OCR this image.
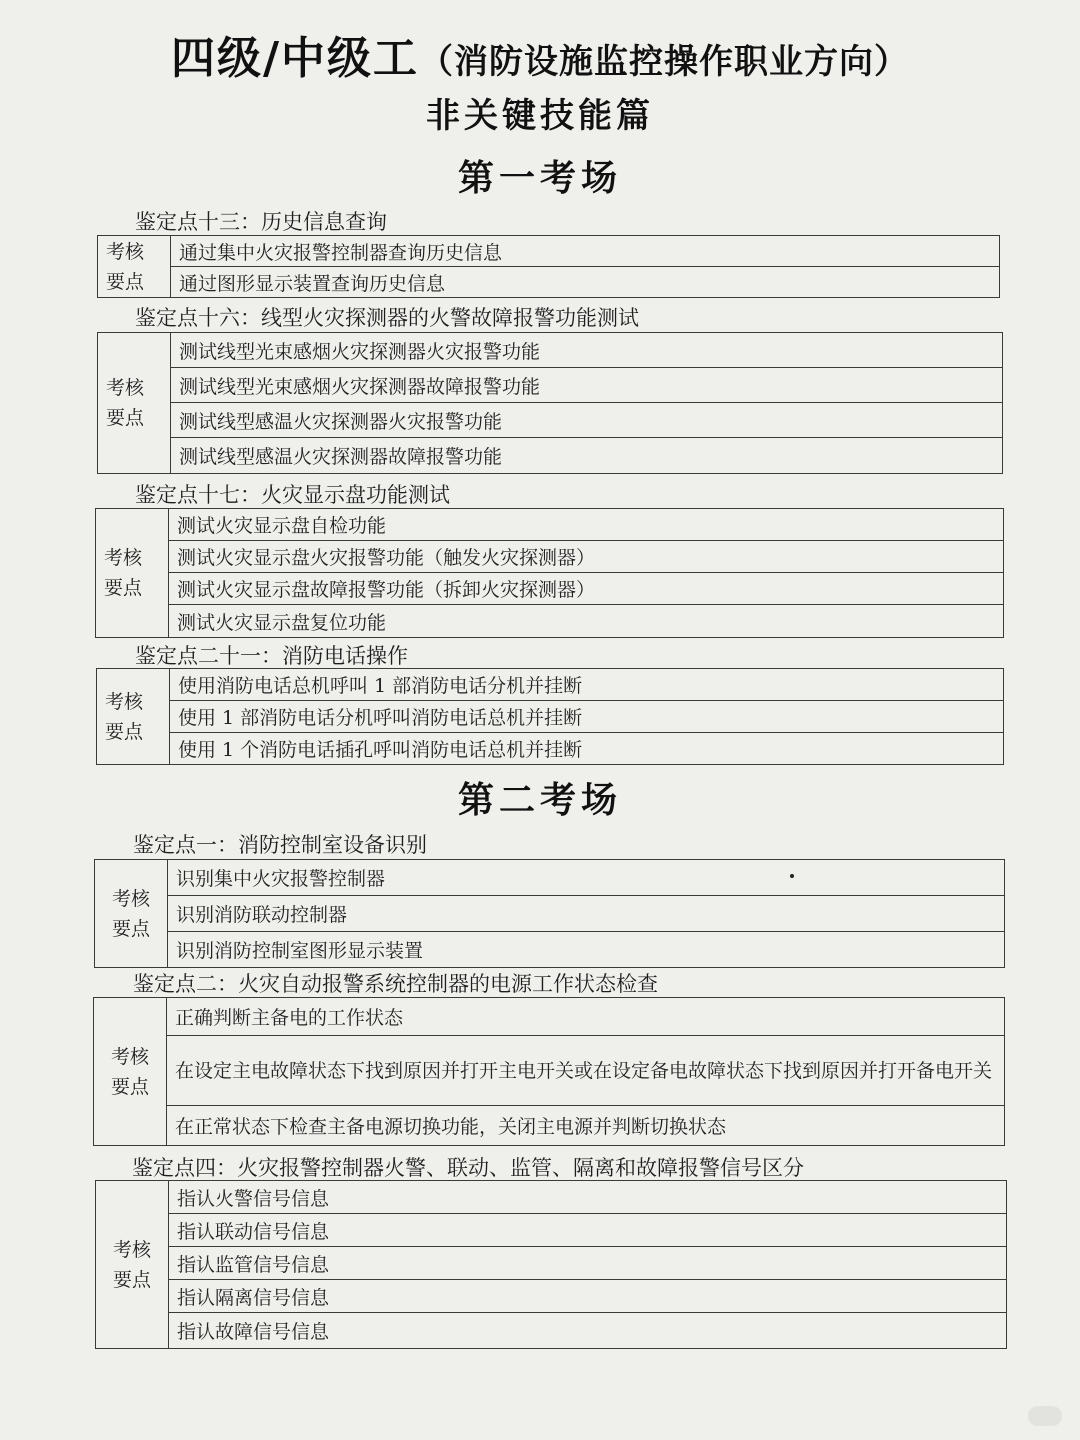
四级/中级工（消防设施监控操作职业方向）
非关键技能篇
第一考场
鉴定点十三：历史信息查询
考核要点	通过集中火灾报警控制器查询历史信息
通过图形显示装置查询历史信息
鉴定点十六：线型火灾探测器的火警故障报警功能测试
考核要点	测试线型光束感烟火灾探测器火灾报警功能
测试线型光束感烟火灾探测器故障报警功能
测试线型感温火灾探测器火灾报警功能
测试线型感温火灾探测器故障报警功能
鉴定点十七：火灾显示盘功能测试
考核要点	测试火灾显示盘自检功能
测试火灾显示盘火灾报警功能（触发火灾探测器）
测试火灾显示盘故障报警功能（拆卸火灾探测器）
测试火灾显示盘复位功能
鉴定点二十一：消防电话操作
考核要点	使用消防电话总机呼叫 1 部消防电话分机并挂断
使用 1 部消防电话分机呼叫消防电话总机并挂断
使用 1 个消防电话插孔呼叫消防电话总机并挂断
第二考场
鉴定点一：消防控制室设备识别
考核要点	识别集中火灾报警控制器
识别消防联动控制器
识别消防控制室图形显示装置
鉴定点二：火灾自动报警系统控制器的电源工作状态检查
考核要点	正确判断主备电的工作状态
在设定主电故障状态下找到原因并打开主电开关或在设定备电故障状态下找到原因并打开备电开关
在正常状态下检查主备电源切换功能，关闭主电源并判断切换状态
鉴定点四：火灾报警控制器火警、联动、监管、隔离和故障报警信号区分
考核要点	指认火警信号信息
指认联动信号信息
指认监管信号信息
指认隔离信号信息
指认故障信号信息
